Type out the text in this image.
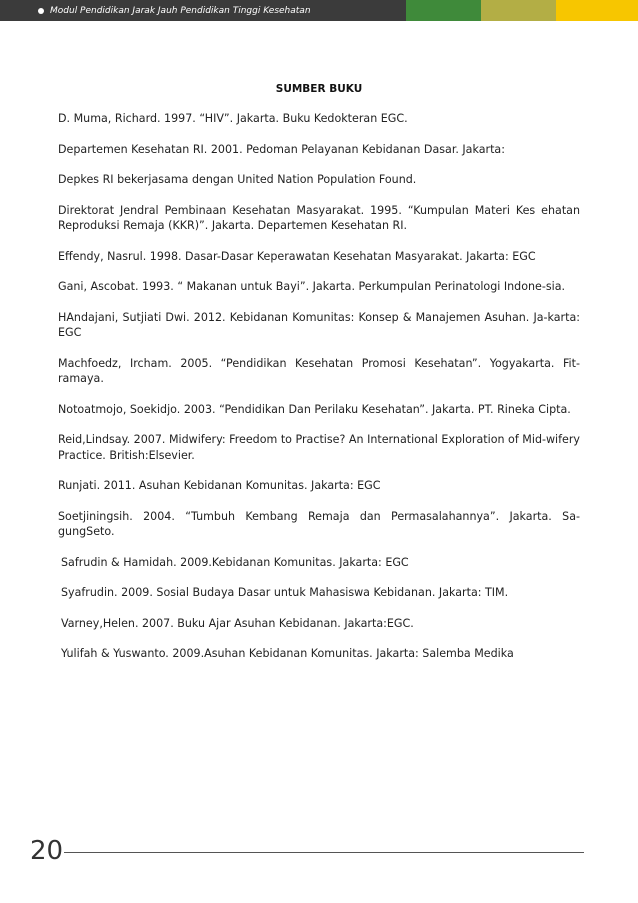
Modul Pendidikan Jarak Jauh Pendidikan Tinggi Kesehatan
SUMBER BUKU
D. Muma, Richard. 1997. “HIV”. Jakarta. Buku Kedokteran EGC.
Departemen Kesehatan RI. 2001. Pedoman Pelayanan Kebidanan Dasar. Jakarta:
Depkes RI bekerjasama dengan United Nation Population Found.
Direktorat Jendral Pembinaan Kesehatan Masyarakat. 1995. “Kumpulan Materi Kes ehatan Reproduksi Remaja (KKR)”. Jakarta. Departemen Kesehatan RI.
Effendy, Nasrul. 1998. Dasar-Dasar Keperawatan Kesehatan Masyarakat. Jakarta: EGC
Gani, Ascobat. 1993. “ Makanan untuk Bayi”. Jakarta. Perkumpulan Perinatologi Indone-sia.
HAndajani, Sutjiati Dwi. 2012. Kebidanan Komunitas: Konsep & Manajemen Asuhan. Ja-karta: EGC
Machfoedz, Ircham. 2005. “Pendidikan Kesehatan Promosi Kesehatan”. Yogyakarta. Fit-ramaya.
Notoatmojo, Soekidjo. 2003. “Pendidikan Dan Perilaku Kesehatan”. Jakarta. PT. Rineka Cipta.
Reid,Lindsay. 2007. Midwifery: Freedom to Practise? An International Exploration of Mid-wifery Practice. British:Elsevier.
Runjati. 2011. Asuhan Kebidanan Komunitas. Jakarta: EGC
Soetjiningsih. 2004. “Tumbuh Kembang Remaja dan Permasalahannya”. Jakarta. Sa-gungSeto.
Safrudin & Hamidah. 2009.Kebidanan Komunitas. Jakarta: EGC
Syafrudin. 2009. Sosial Budaya Dasar untuk Mahasiswa Kebidanan. Jakarta: TIM.
Varney,Helen. 2007. Buku Ajar Asuhan Kebidanan. Jakarta:EGC.
Yulifah & Yuswanto. 2009.Asuhan Kebidanan Komunitas. Jakarta: Salemba Medika
20
